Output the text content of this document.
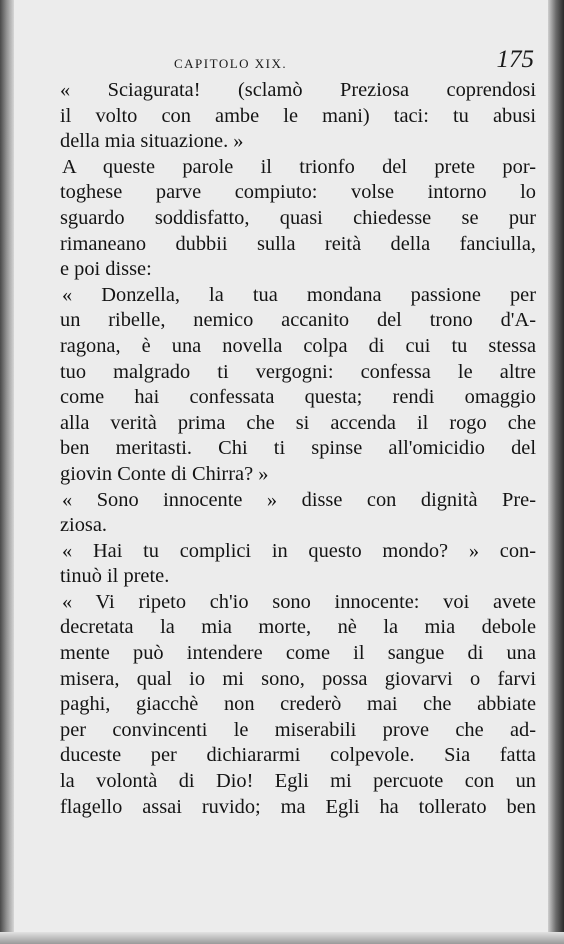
CAPITOLO XIX.	175
« Sciagurata! (sclamò Preziosa coprendosi
il volto con ambe le mani) taci: tu abusi
della mia situazione. »
A queste parole il trionfo del prete por-
toghese parve compiuto: volse intorno lo
sguardo soddisfatto, quasi chiedesse se pur
rimaneano dubbii sulla reità della fanciulla,
e poi disse:
« Donzella, la tua mondana passione per
un ribelle, nemico accanito del trono d'A-
ragona, è una novella colpa di cui tu stessa
tuo malgrado ti vergogni: confessa le altre
come hai confessata questa; rendi omaggio
alla verità prima che si accenda il rogo che
ben meritasti. Chi ti spinse all'omicidio del
giovin Conte di Chirra? »
« Sono innocente » disse con dignità Pre-
ziosa.
« Hai tu complici in questo mondo? » con-
tinuò il prete.
« Vi ripeto ch'io sono innocente: voi avete
decretata la mia morte, nè la mia debole
mente può intendere come il sangue di una
misera, qual io mi sono, possa giovarvi o farvi
paghi, giacchè non crederò mai che abbiate
per convincenti le miserabili prove che ad-
duceste per dichiararmi colpevole. Sia fatta
la volontà di Dio! Egli mi percuote con un
flagello assai ruvido; ma Egli ha tollerato ben
